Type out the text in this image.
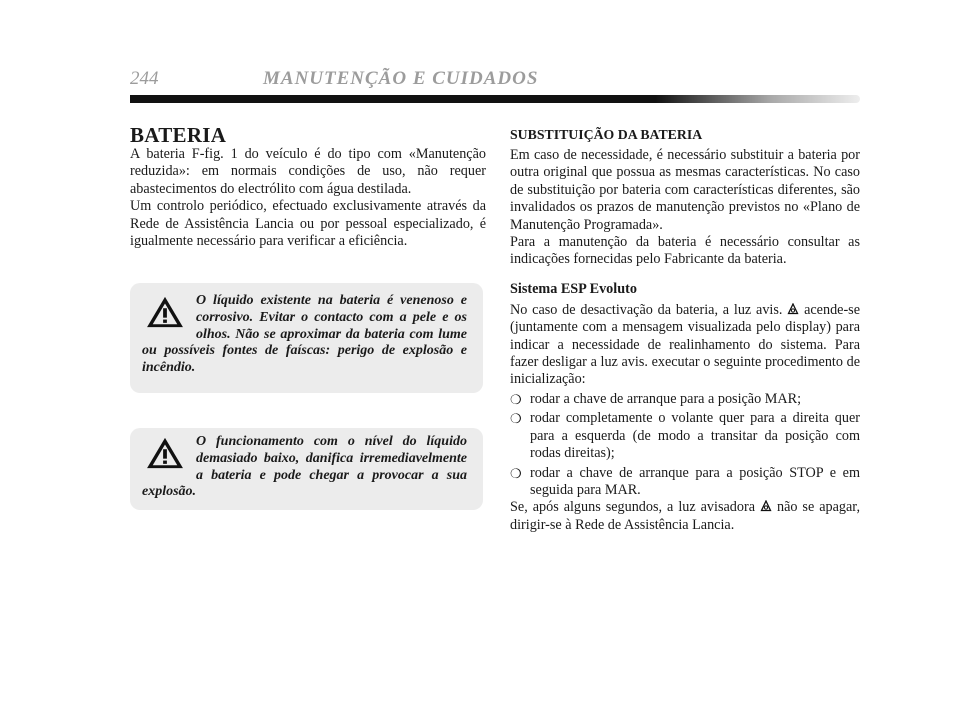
244	MANUTENÇÃO E CUIDADOS
BATERIA

A bateria F-fig. 1 do veículo é do tipo com «Manutenção reduzida»: em normais condições de uso, não requer abastecimentos do electrólito com água destilada.

Um controlo periódico, efectuado exclusivamente através da Rede de Assistência Lancia ou por pessoal especializado, é igualmente necessário para verificar a eficiência.

O líquido existente na bateria é venenoso e corrosivo. Evitar o contacto com a pele e os olhos. Não se aproximar da bateria com lume ou possíveis fontes de faíscas: perigo de explosão e incêndio.
O funcionamento com o nível do líquido demasiado baixo, danifica irremediavelmente a bateria e pode chegar a provocar a sua explosão.
SUBSTITUIÇÃO DA BATERIA

Em caso de necessidade, é necessário substituir a bateria por outra original que possua as mesmas características. No caso de substituição por bateria com características diferentes, são invalidados os prazos de manutenção previstos no «Plano de Manutenção Programada».

Para a manutenção da bateria é necessário consultar as indicações fornecidas pelo Fabricante da bateria.

Sistema ESP Evoluto

No caso de desactivação da bateria, a luz avis. acende-se (juntamente com a mensagem visualizada pelo display) para indicar a necessidade de realinhamento do sistema. Para fazer desligar a luz avis. executar o seguinte procedimento de inicialização:

❍ rodar a chave de arranque para a posição MAR;
❍ rodar completamente o volante quer para a direita quer para a esquerda (de modo a transitar da posição com rodas direitas);
❍ rodar a chave de arranque para a posição STOP e em seguida para MAR.

Se, após alguns segundos, a luz avisadora não se apagar, dirigir-se à Rede de Assistência Lancia.
